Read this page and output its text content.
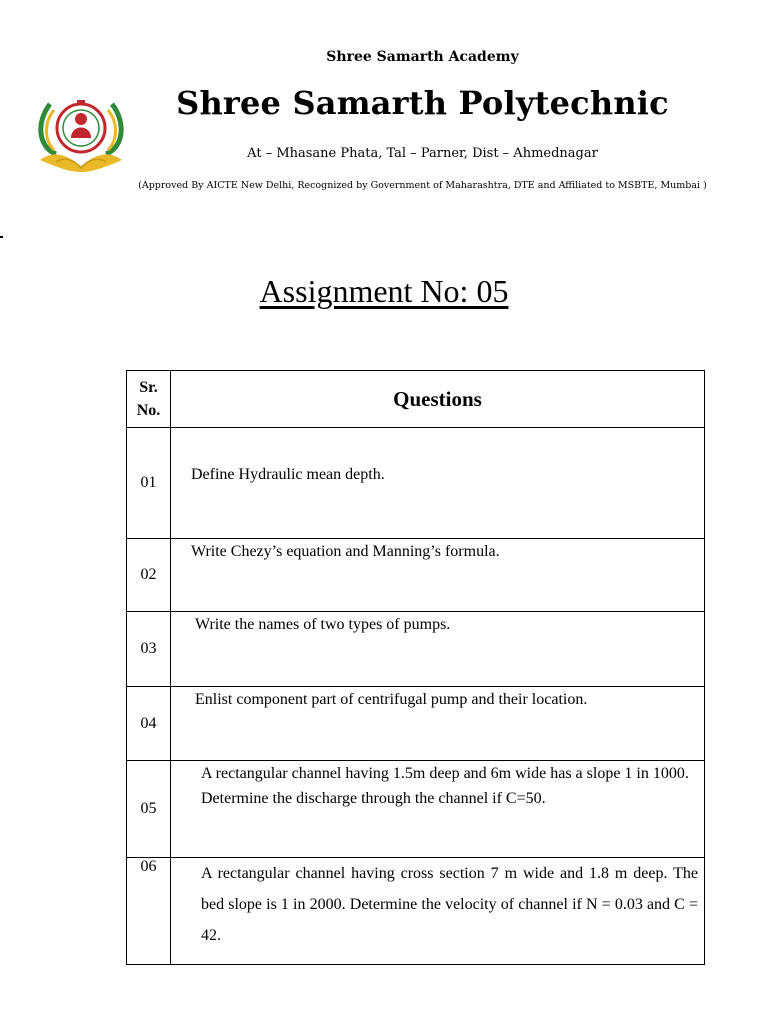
Shree Samarth Academy
Shree Samarth Polytechnic
At – Mhasane Phata, Tal – Parner, Dist – Ahmednagar
(Approved By AICTE New Delhi, Recognized by Government of Maharashtra, DTE and Affiliated to MSBTE, Mumbai )
Assignment No: 05
Sr. No.	Questions
01	Define Hydraulic mean depth.
02	Write Chezy’s equation and Manning’s formula.
03	Write the names of two types of pumps.
04	Enlist component part of centrifugal pump and their location.
05	A rectangular channel having 1.5m deep and 6m wide has a slope 1 in 1000. Determine the discharge through the channel if C=50.
06	A rectangular channel having cross section 7 m wide and 1.8 m deep. The bed slope is 1 in 2000. Determine the velocity of channel if N = 0.03 and C = 42.
